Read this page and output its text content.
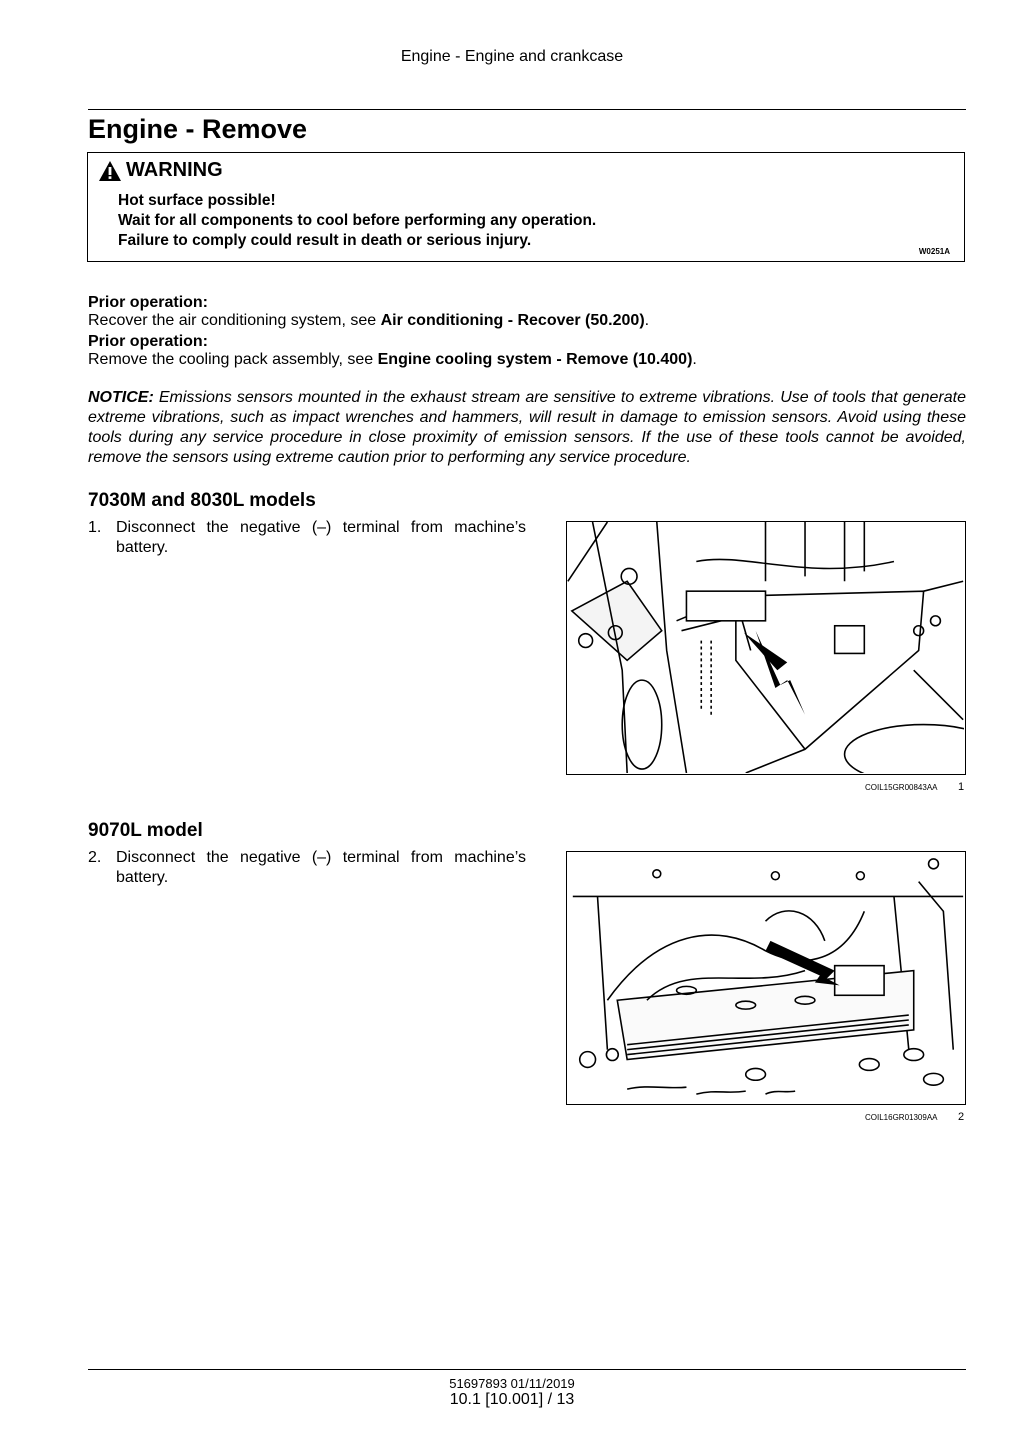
Engine - Engine and crankcase
Engine - Remove
WARNING
Hot surface possible!
Wait for all components to cool before performing any operation.
Failure to comply could result in death or serious injury.
W0251A
Prior operation:
Recover the air conditioning system, see Air conditioning - Recover (50.200).
Prior operation:
Remove the cooling pack assembly, see Engine cooling system - Remove (10.400).
NOTICE: Emissions sensors mounted in the exhaust stream are sensitive to extreme vibrations. Use of tools that generate extreme vibrations, such as impact wrenches and hammers, will result in damage to emission sensors. Avoid using these tools during any service procedure in close proximity of emission sensors. If the use of these tools cannot be avoided, remove the sensors using extreme caution prior to performing any service procedure.
7030M and 8030L models
1. Disconnect the negative (–) terminal from machine’s battery.
COIL15GR00843AA 1
9070L model
2. Disconnect the negative (–) terminal from machine’s battery.
COIL16GR01309AA 2
51697893 01/11/2019
10.1 [10.001] / 13
